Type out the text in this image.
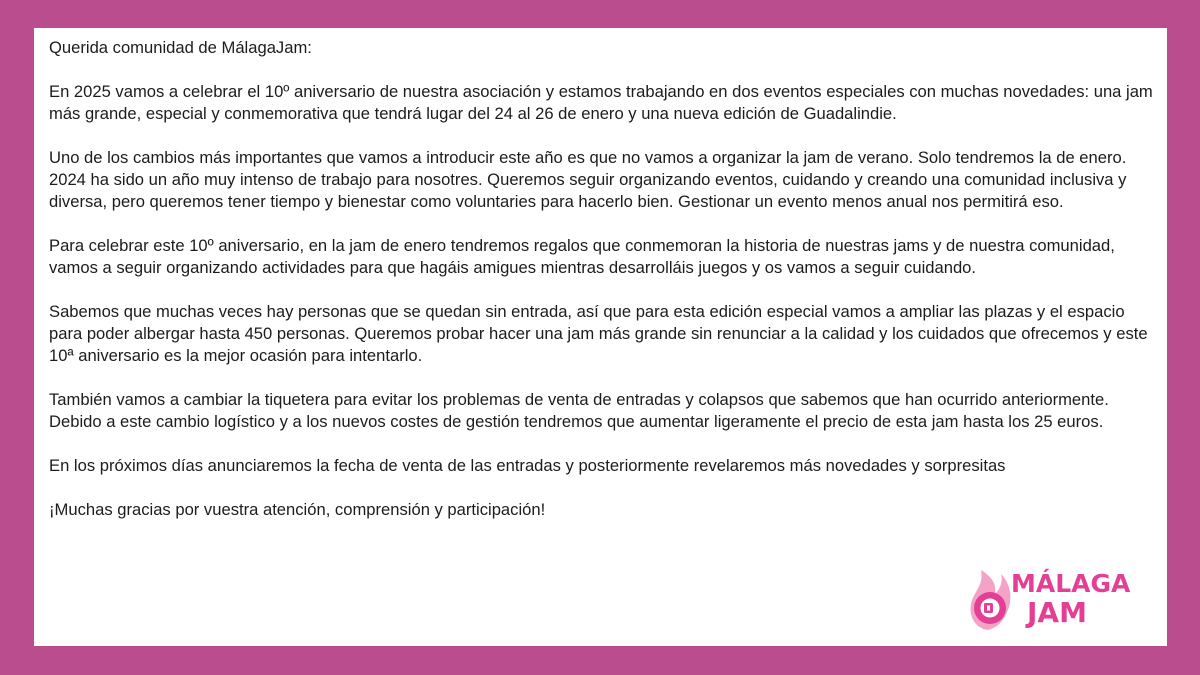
Querida comunidad de MálagaJam:

En 2025 vamos a celebrar el 10º aniversario de nuestra asociación y estamos trabajando en dos eventos especiales con muchas novedades: una jam más grande, especial y conmemorativa que tendrá lugar del 24 al 26 de enero y una nueva edición de Guadalindie.

Uno de los cambios más importantes que vamos a introducir este año es que no vamos a organizar la jam de verano. Solo tendremos la de enero. 2024 ha sido un año muy intenso de trabajo para nosotres. Queremos seguir organizando eventos, cuidando y creando una comunidad inclusiva y diversa, pero queremos tener tiempo y bienestar como voluntaries para hacerlo bien. Gestionar un evento menos anual nos permitirá eso.

Para celebrar este 10º aniversario, en la jam de enero tendremos regalos que conmemoran la historia de nuestras jams y de nuestra comunidad, vamos a seguir organizando actividades para que hagáis amigues mientras desarrolláis juegos y os vamos a seguir cuidando.

Sabemos que muchas veces hay personas que se quedan sin entrada, así que para esta edición especial vamos a ampliar las plazas y el espacio para poder albergar hasta 450 personas. Queremos probar hacer una jam más grande sin renunciar a la calidad y los cuidados que ofrecemos y este 10ª aniversario es la mejor ocasión para intentarlo.

También vamos a cambiar la tiquetera para evitar los problemas de venta de entradas y colapsos que sabemos que han ocurrido anteriormente. Debido a este cambio logístico y a los nuevos costes de gestión tendremos que aumentar ligeramente el precio de esta jam hasta los 25 euros.

En los próximos días anunciaremos la fecha de venta de las entradas y posteriormente revelaremos más novedades y sorpresitas

¡Muchas gracias por vuestra atención, comprensión y participación!

MÁLAGA
JAM
